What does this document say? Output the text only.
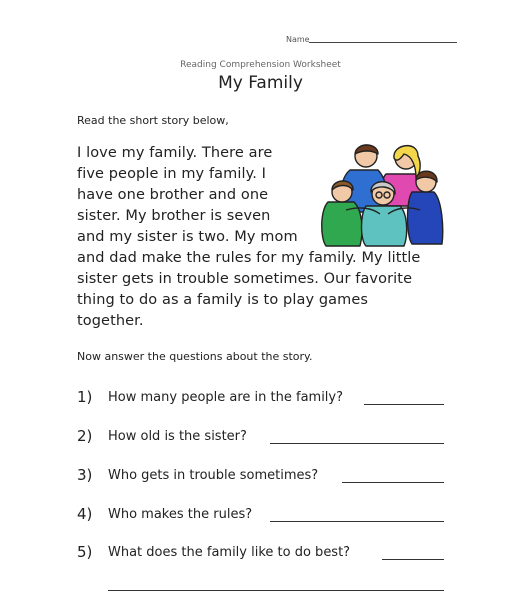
Name
Reading Comprehension Worksheet
My Family
Read the short story below,
I love my family. There are
five people in my family. I
have one brother and one
sister. My brother is seven
and my sister is two. My mom
and dad make the rules for my family. My little
sister gets in trouble sometimes. Our favorite
thing to do as a family is to play games
together.
Now answer the questions about the story.
1) How many people are in the family?
2) How old is the sister?
3) Who gets in trouble sometimes?
4) Who makes the rules?
5) What does the family like to do best?
